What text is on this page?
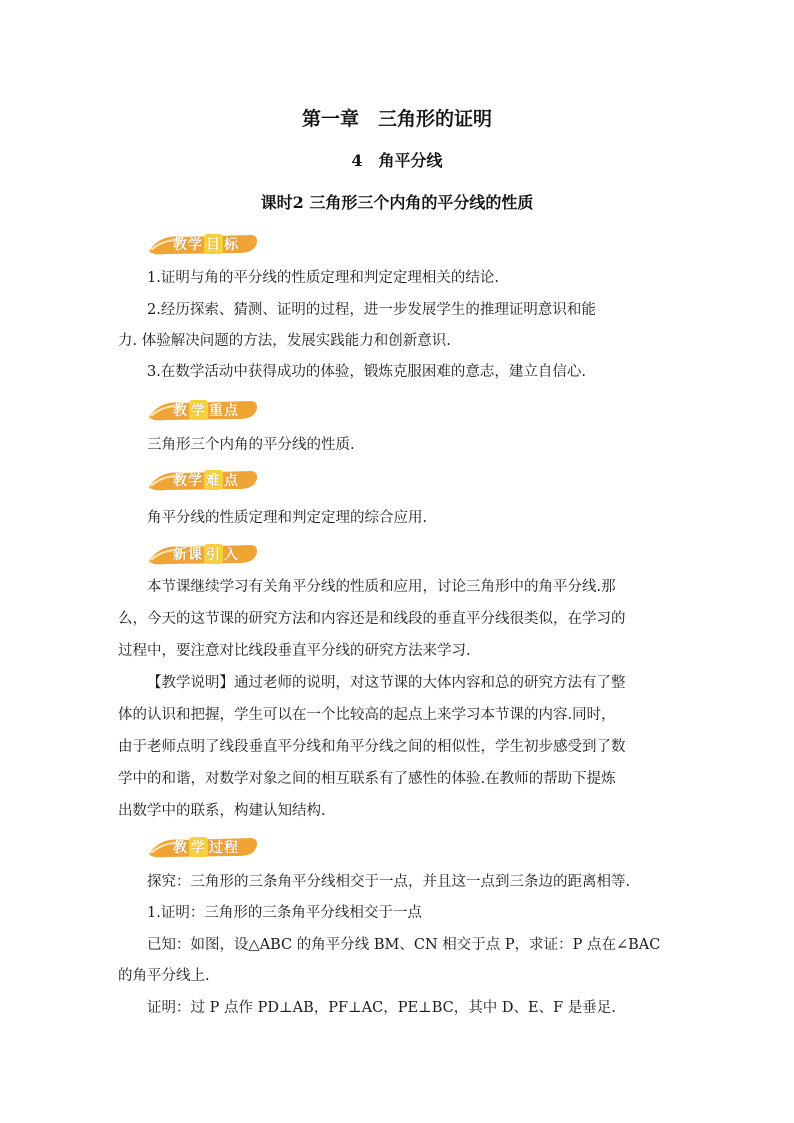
第一章　三角形的证明
4　角平分线
课时2 三角形三个内角的平分线的性质
教学 目 标
1.证明与角的平分线的性质定理和判定定理相关的结论.
2.经历探索、猜测、证明的过程，进一步发展学生的推理证明意识和能
力. 体验解决问题的方法，发展实践能力和创新意识.
3.在数学活动中获得成功的体验，锻炼克服困难的意志，建立自信心.
教 学 重点
三角形三个内角的平分线的性质.
教学 难 点
角平分线的性质定理和判定定理的综合应用.
新课 引 入
本节课继续学习有关角平分线的性质和应用，讨论三角形中的角平分线.那
么，今天的这节课的研究方法和内容还是和线段的垂直平分线很类似，在学习的
过程中，要注意对比线段垂直平分线的研究方法来学习.
【教学说明】通过老师的说明，对这节课的大体内容和总的研究方法有了整
体的认识和把握，学生可以在一个比较高的起点上来学习本节课的内容.同时，
由于老师点明了线段垂直平分线和角平分线之间的相似性，学生初步感受到了数
学中的和谐，对数学对象之间的相互联系有了感性的体验.在教师的帮助下提炼
出数学中的联系，构建认知结构.
教 学 过程
探究：三角形的三条角平分线相交于一点，并且这一点到三条边的距离相等.
1.证明：三角形的三条角平分线相交于一点
已知：如图，设△ABC 的角平分线 BM、CN 相交于点 P，求证：P 点在∠BAC
的角平分线上.
证明：过 P 点作 PD⊥AB，PF⊥AC，PE⊥BC，其中 D、E、F 是垂足.
